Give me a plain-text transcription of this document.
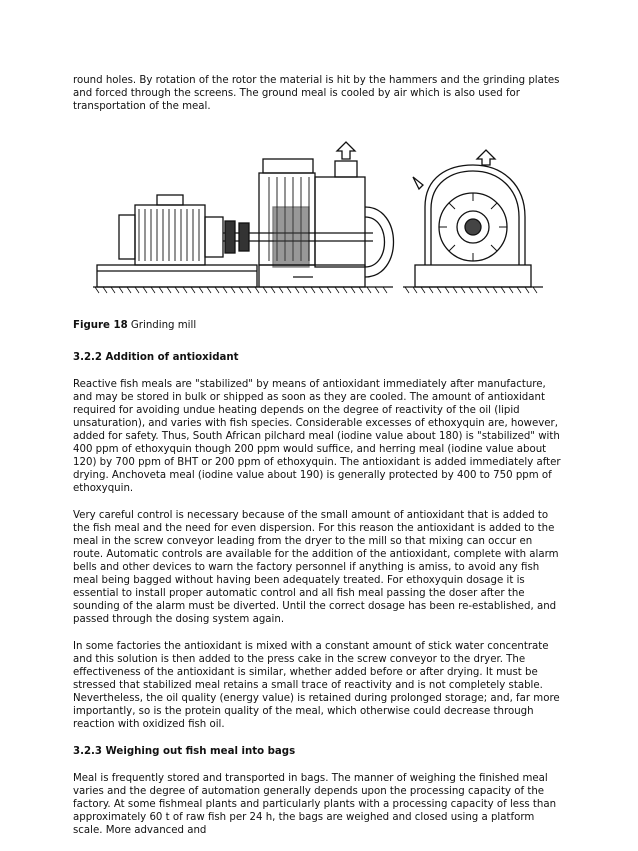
round holes. By rotation of the rotor the material is hit by the hammers and the grinding plates and forced through the screens. The ground meal is cooled by air which is also used for transportation of the meal.

Figure 18 Grinding mill

3.2.2 Addition of antioxidant

Reactive fish meals are "stabilized" by means of antioxidant immediately after manufacture, and may be stored in bulk or shipped as soon as they are cooled. The amount of antioxidant required for avoiding undue heating depends on the degree of reactivity of the oil (lipid unsaturation), and varies with fish species. Considerable excesses of ethoxyquin are, however, added for safety. Thus, South African pilchard meal (iodine value about 180) is "stabilized" with 400 ppm of ethoxyquin though 200 ppm would suffice, and herring meal (iodine value about 120) by 700 ppm of BHT or 200 ppm of ethoxyquin. The antioxidant is added immediately after drying. Anchoveta meal (iodine value about 190) is generally protected by 400 to 750 ppm of ethoxyquin.

Very careful control is necessary because of the small amount of antioxidant that is added to the fish meal and the need for even dispersion. For this reason the antioxidant is added to the meal in the screw conveyor leading from the dryer to the mill so that mixing can occur en route. Automatic controls are available for the addition of the antioxidant, complete with alarm bells and other devices to warn the factory personnel if anything is amiss, to avoid any fish meal being bagged without having been adequately treated. For ethoxyquin dosage it is essential to install proper automatic control and all fish meal passing the doser after the sounding of the alarm must be diverted. Until the correct dosage has been re-established, and passed through the dosing system again.

In some factories the antioxidant is mixed with a constant amount of stick water concentrate and this solution is then added to the press cake in the screw conveyor to the dryer. The effectiveness of the antioxidant is similar, whether added before or after drying. It must be stressed that stabilized meal retains a small trace of reactivity and is not completely stable. Nevertheless, the oil quality (energy value) is retained during prolonged storage; and, far more importantly, so is the protein quality of the meal, which otherwise could decrease through reaction with oxidized fish oil.

3.2.3 Weighing out fish meal into bags

Meal is frequently stored and transported in bags. The manner of weighing the finished meal varies and the degree of automation generally depends upon the processing capacity of the factory. At some fishmeal plants and particularly plants with a processing capacity of less than approximately 60 t of raw fish per 24 h, the bags are weighed and closed using a platform scale. More advanced and
